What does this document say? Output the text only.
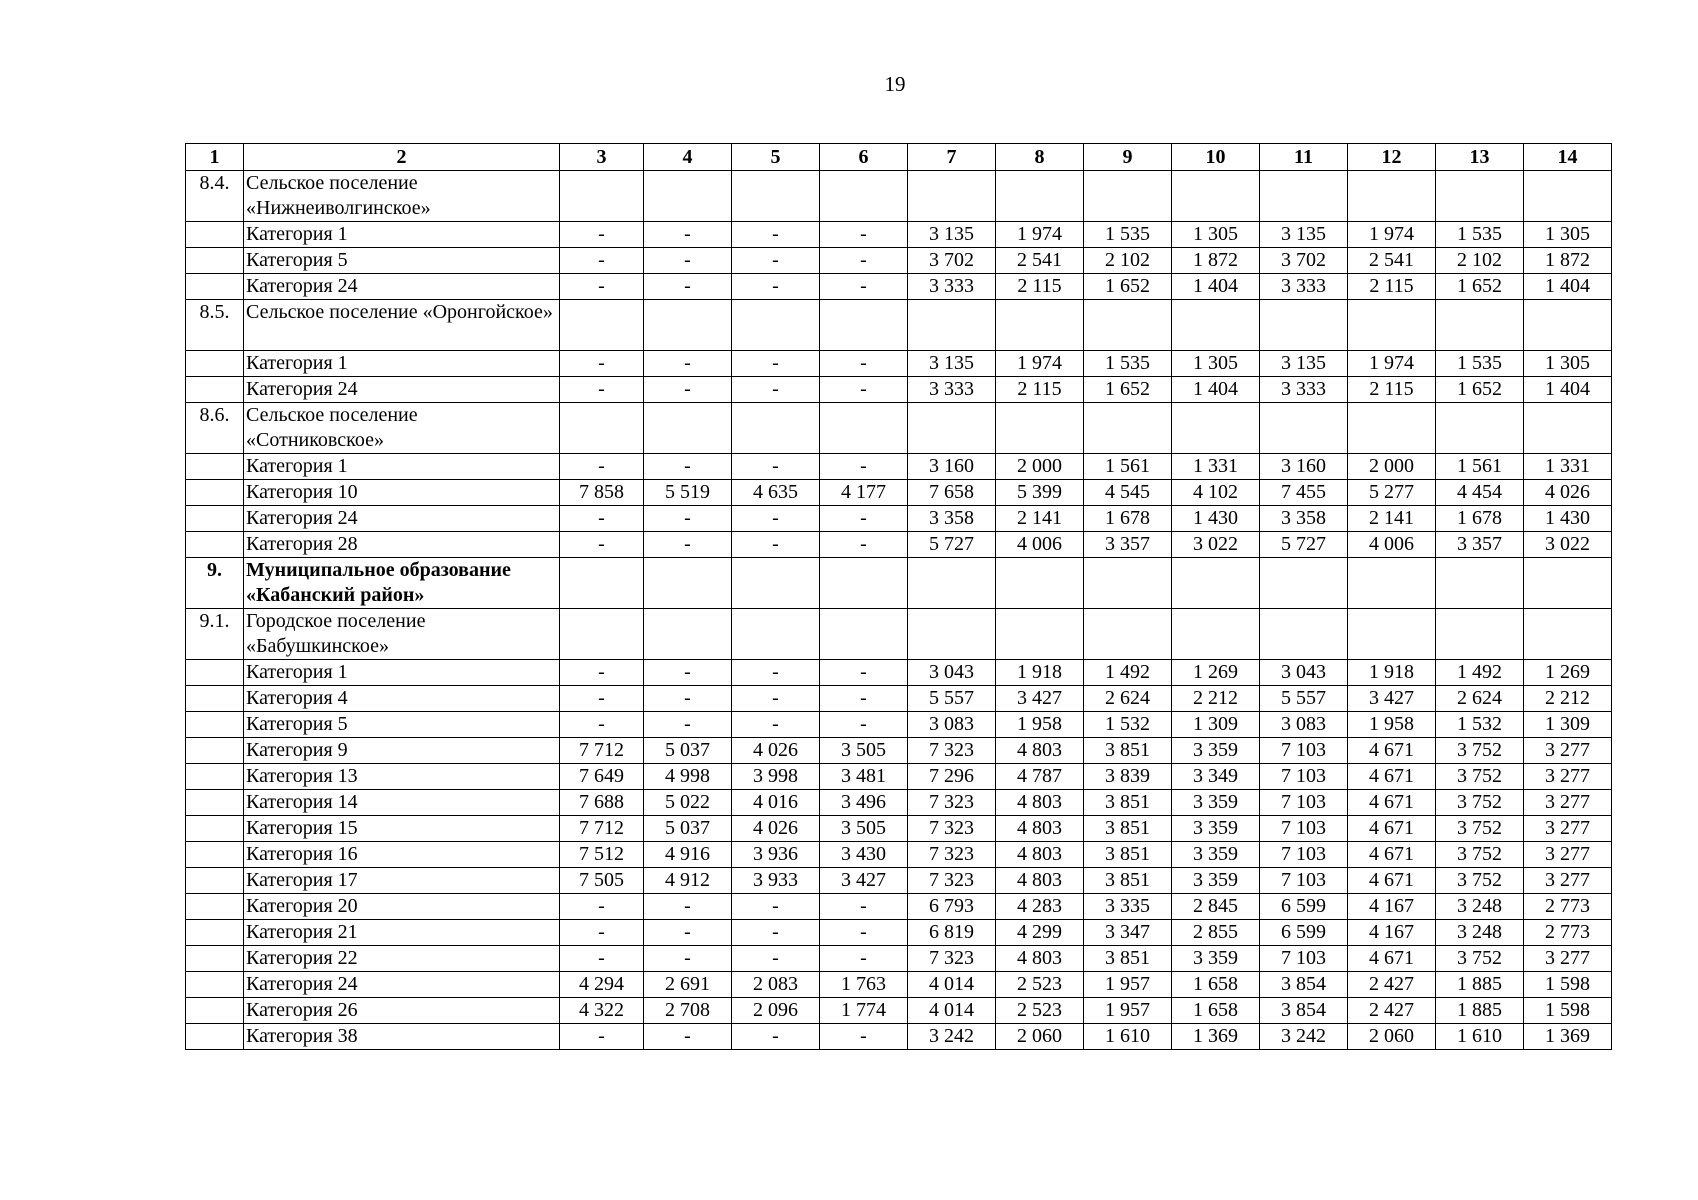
19
1	2	3	4	5	6	7	8	9	10	11	12	13	14
8.4.	Сельское поселение «Нижнеиволгинское»												
	Категория 1	-	-	-	-	3 135	1 974	1 535	1 305	3 135	1 974	1 535	1 305
	Категория 5	-	-	-	-	3 702	2 541	2 102	1 872	3 702	2 541	2 102	1 872
	Категория 24	-	-	-	-	3 333	2 115	1 652	1 404	3 333	2 115	1 652	1 404
8.5.	Сельское поселение «Оронгойское»												
	Категория 1	-	-	-	-	3 135	1 974	1 535	1 305	3 135	1 974	1 535	1 305
	Категория 24	-	-	-	-	3 333	2 115	1 652	1 404	3 333	2 115	1 652	1 404
8.6.	Сельское поселение «Сотниковское»												
	Категория 1	-	-	-	-	3 160	2 000	1 561	1 331	3 160	2 000	1 561	1 331
	Категория 10	7 858	5 519	4 635	4 177	7 658	5 399	4 545	4 102	7 455	5 277	4 454	4 026
	Категория 24	-	-	-	-	3 358	2 141	1 678	1 430	3 358	2 141	1 678	1 430
	Категория 28	-	-	-	-	5 727	4 006	3 357	3 022	5 727	4 006	3 357	3 022
9.	Муниципальное образование «Кабанский район»												
9.1.	Городское поселение «Бабушкинское»												
	Категория 1	-	-	-	-	3 043	1 918	1 492	1 269	3 043	1 918	1 492	1 269
	Категория 4	-	-	-	-	5 557	3 427	2 624	2 212	5 557	3 427	2 624	2 212
	Категория 5	-	-	-	-	3 083	1 958	1 532	1 309	3 083	1 958	1 532	1 309
	Категория 9	7 712	5 037	4 026	3 505	7 323	4 803	3 851	3 359	7 103	4 671	3 752	3 277
	Категория 13	7 649	4 998	3 998	3 481	7 296	4 787	3 839	3 349	7 103	4 671	3 752	3 277
	Категория 14	7 688	5 022	4 016	3 496	7 323	4 803	3 851	3 359	7 103	4 671	3 752	3 277
	Категория 15	7 712	5 037	4 026	3 505	7 323	4 803	3 851	3 359	7 103	4 671	3 752	3 277
	Категория 16	7 512	4 916	3 936	3 430	7 323	4 803	3 851	3 359	7 103	4 671	3 752	3 277
	Категория 17	7 505	4 912	3 933	3 427	7 323	4 803	3 851	3 359	7 103	4 671	3 752	3 277
	Категория 20	-	-	-	-	6 793	4 283	3 335	2 845	6 599	4 167	3 248	2 773
	Категория 21	-	-	-	-	6 819	4 299	3 347	2 855	6 599	4 167	3 248	2 773
	Категория 22	-	-	-	-	7 323	4 803	3 851	3 359	7 103	4 671	3 752	3 277
	Категория 24	4 294	2 691	2 083	1 763	4 014	2 523	1 957	1 658	3 854	2 427	1 885	1 598
	Категория 26	4 322	2 708	2 096	1 774	4 014	2 523	1 957	1 658	3 854	2 427	1 885	1 598
	Категория 38	-	-	-	-	3 242	2 060	1 610	1 369	3 242	2 060	1 610	1 369
